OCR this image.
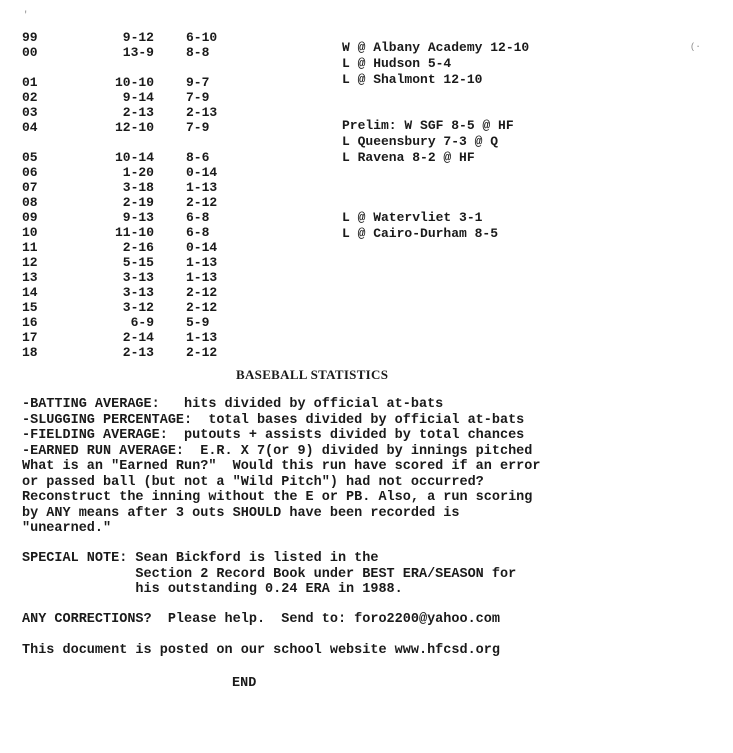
'
(·
99	9-12 6-10
00	13-9 8-8
01	10-10 9-7
02	9-14 7-9
03	2-13 2-13
04	12-10 7-9
05	10-14 8-6
06	1-20 0-14
07	3-18 1-13
08	2-19 2-12
09	9-13 6-8
10	11-10 6-8
11	2-16 0-14
12	5-15 1-13
13	3-13 1-13
14	3-13 2-12
15	3-12 2-12
16	6-9 5-9
17	2-14 1-13
18	2-13 2-12
W @ Albany Academy 12-10
L @ Hudson 5-4
L @ Shalmont 12-10
Prelim: W SGF 8-5 @ HF
L Queensbury 7-3 @ Q
L Ravena 8-2 @ HF
L @ Watervliet 3-1
L @ Cairo-Durham 8-5
BASEBALL STATISTICS
-BATTING AVERAGE:   hits divided by official at-bats
-SLUGGING PERCENTAGE:  total bases divided by official at-bats
-FIELDING AVERAGE:  putouts + assists divided by total chances
-EARNED RUN AVERAGE:  E.R. X 7(or 9) divided by innings pitched
What is an "Earned Run?"  Would this run have scored if an error
or passed ball (but not a "Wild Pitch") had not occurred?
Reconstruct the inning without the E or PB. Also, a run scoring
by ANY means after 3 outs SHOULD have been recorded is
"unearned."
SPECIAL NOTE: Sean Bickford is listed in the
Section 2 Record Book under BEST ERA/SEASON for
his outstanding 0.24 ERA in 1988.
ANY CORRECTIONS?  Please help.  Send to: foro2200@yahoo.com
This document is posted on our school website www.hfcsd.org
END
